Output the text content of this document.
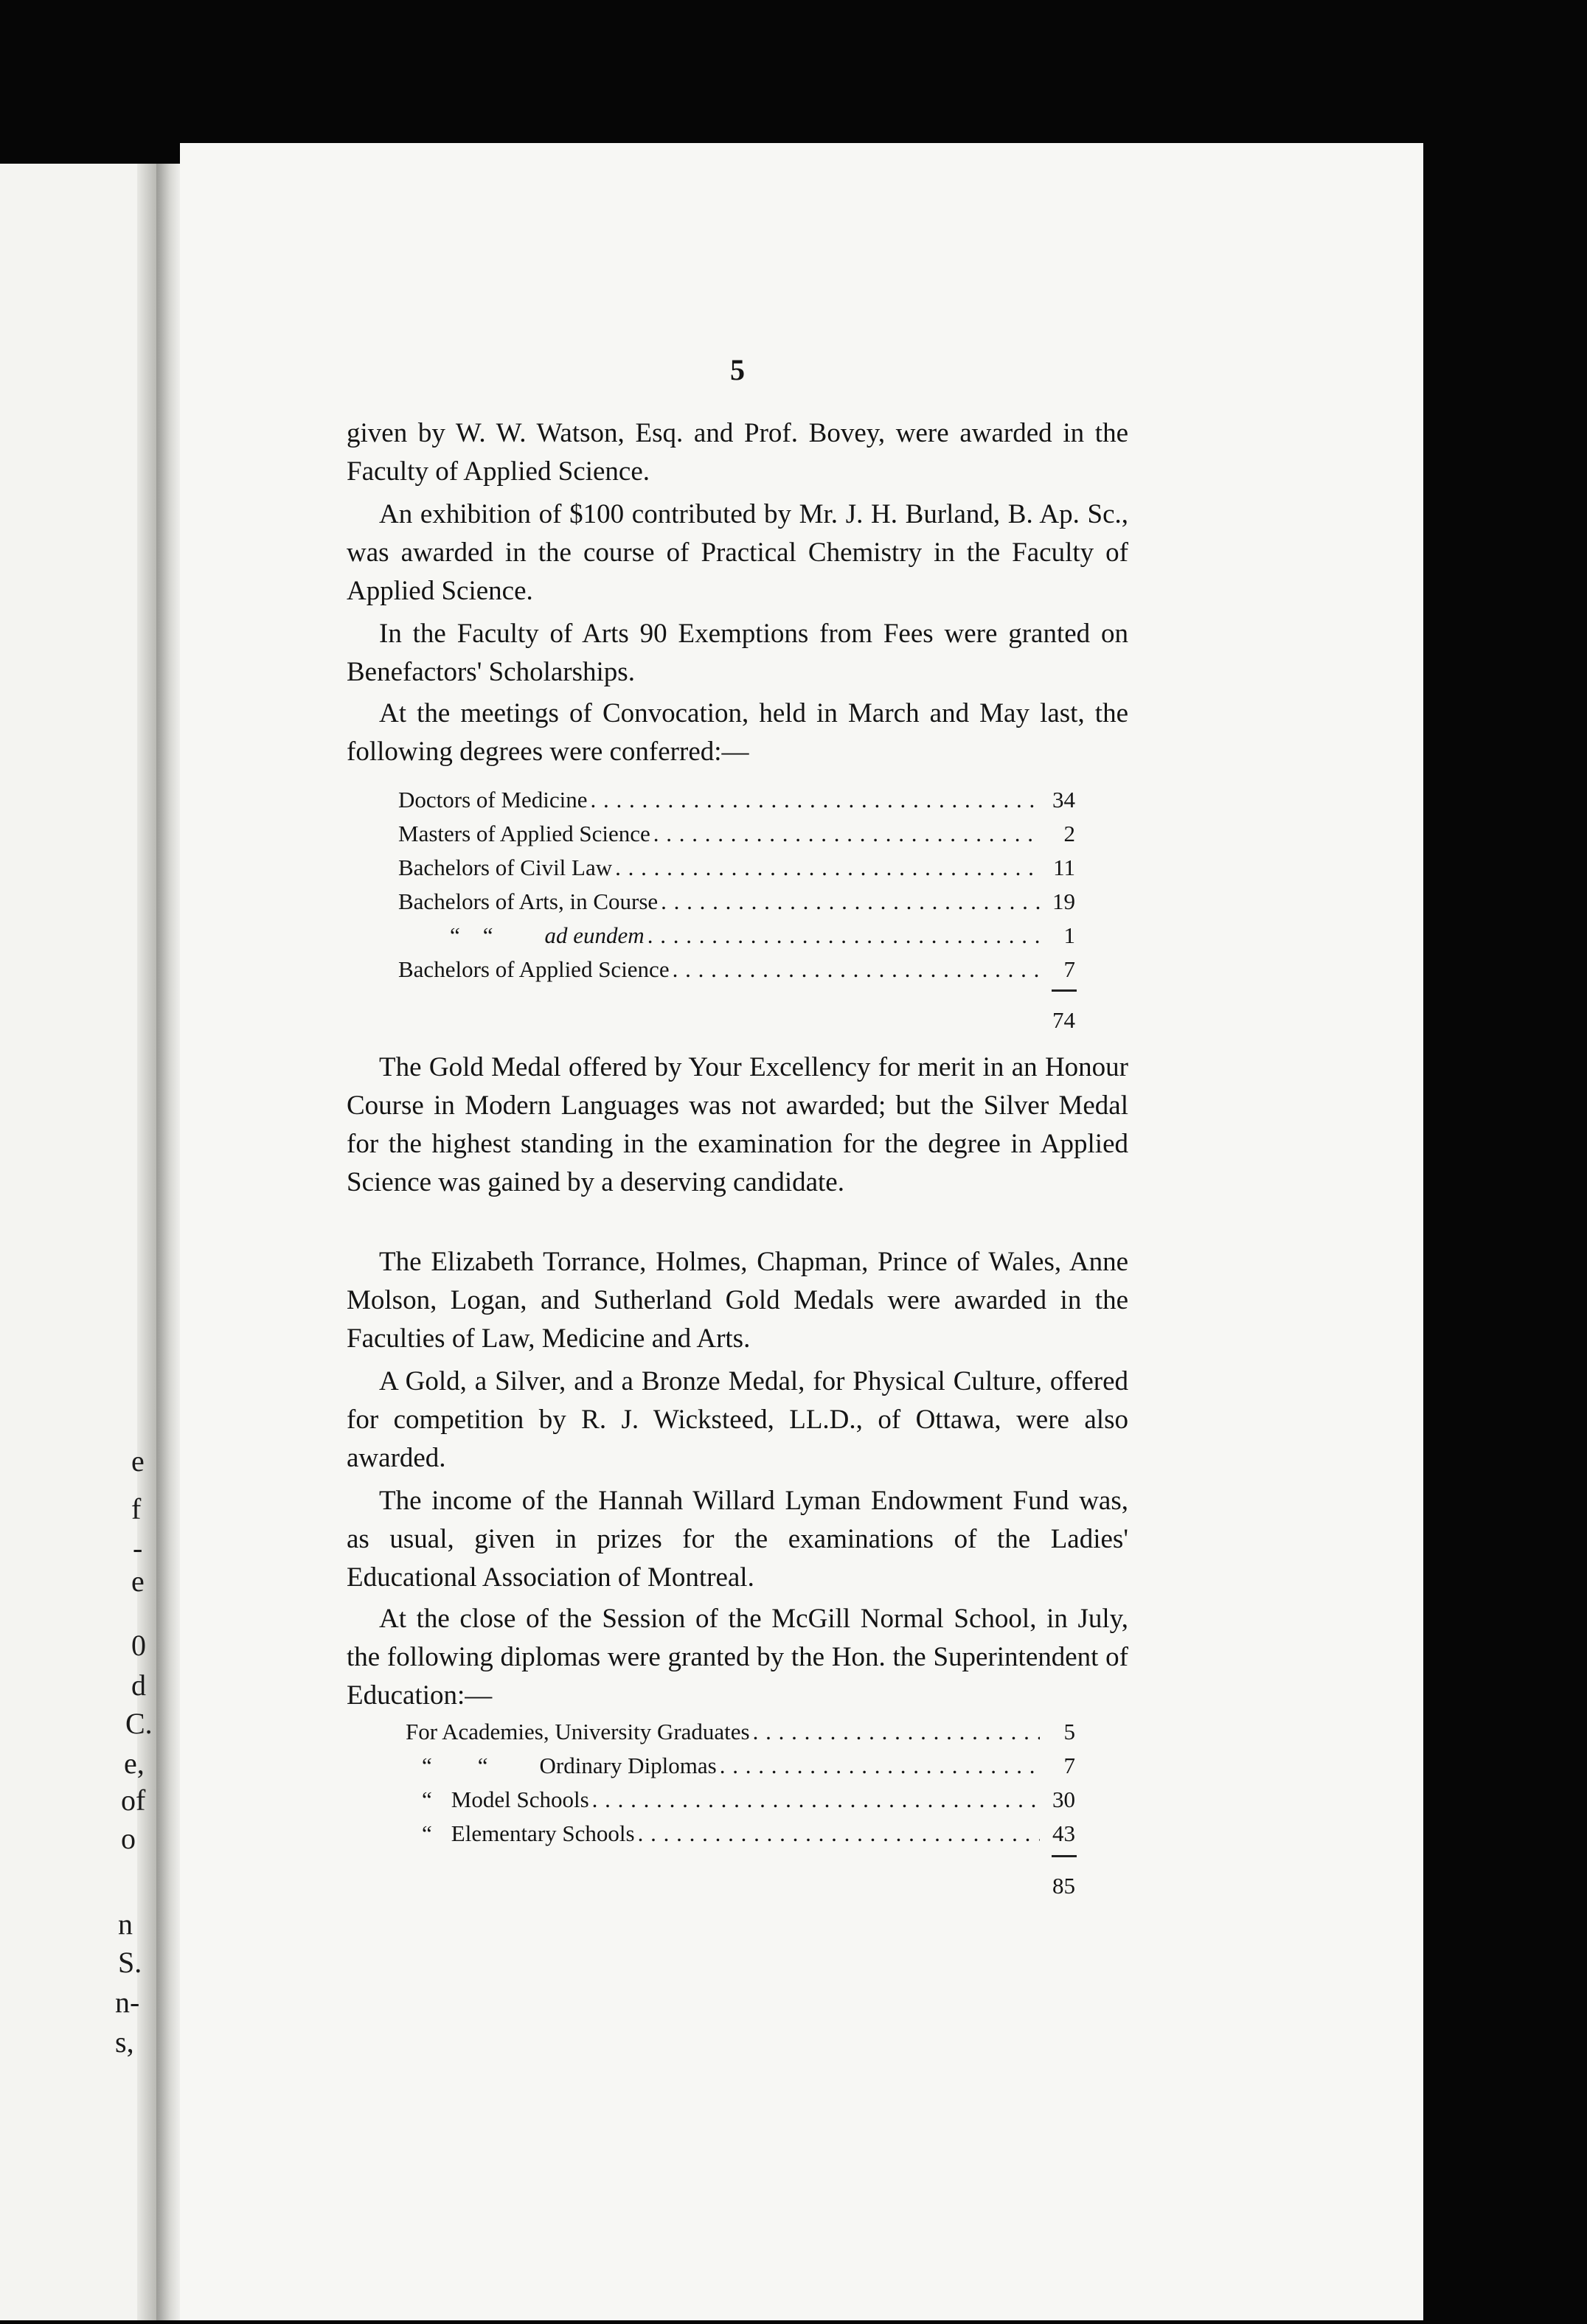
e
f
-
e
0
d
C.
e,
of
o
n
S.
n-
s,
5

given by W. W. Watson, Esq. and Prof. Bovey, were awarded in the Faculty of Applied Science.

An exhibition of $100 contributed by Mr. J. H. Burland, B. Ap. Sc., was awarded in the course of Practical Chemistry in the Faculty of Applied Science.

In the Faculty of Arts 90 Exemptions from Fees were granted on Benefactors' Scholarships.

At the meetings of Convocation, held in March and May last, the following degrees were conferred:—

Doctors of Medicine . . .	34
Masters of Applied Science . . .	2
Bachelors of Civil Law . . .	11
Bachelors of Arts, in Course . . .	19
“    “ ad eundem . . .	1
Bachelors of Applied Science . . .	7
74

The Gold Medal offered by Your Excellency for merit in an Honour Course in Modern Languages was not awarded; but the Silver Medal for the highest standing in the examination for the degree in Applied Science was gained by a deserving candidate.

The Elizabeth Torrance, Holmes, Chapman, Prince of Wales, Anne Molson, Logan, and Sutherland Gold Medals were awarded in the Faculties of Law, Medicine and Arts.

A Gold, a Silver, and a Bronze Medal, for Physical Culture, offered for competition by R. J. Wicksteed, LL.D., of Ottawa, were also awarded.

The income of the Hannah Willard Lyman Endowment Fund was, as usual, given in prizes for the examinations of the Ladies' Educational Association of Montreal.

At the close of the Session of the McGill Normal School, in July, the following diplomas were granted by the Hon. the Superintendent of Education:—

For Academies, University Graduates . . .	5
“        “ Ordinary Diplomas . . .	7
“ Model Schools . . .	30
“ Elementary Schools . . .	43
85
